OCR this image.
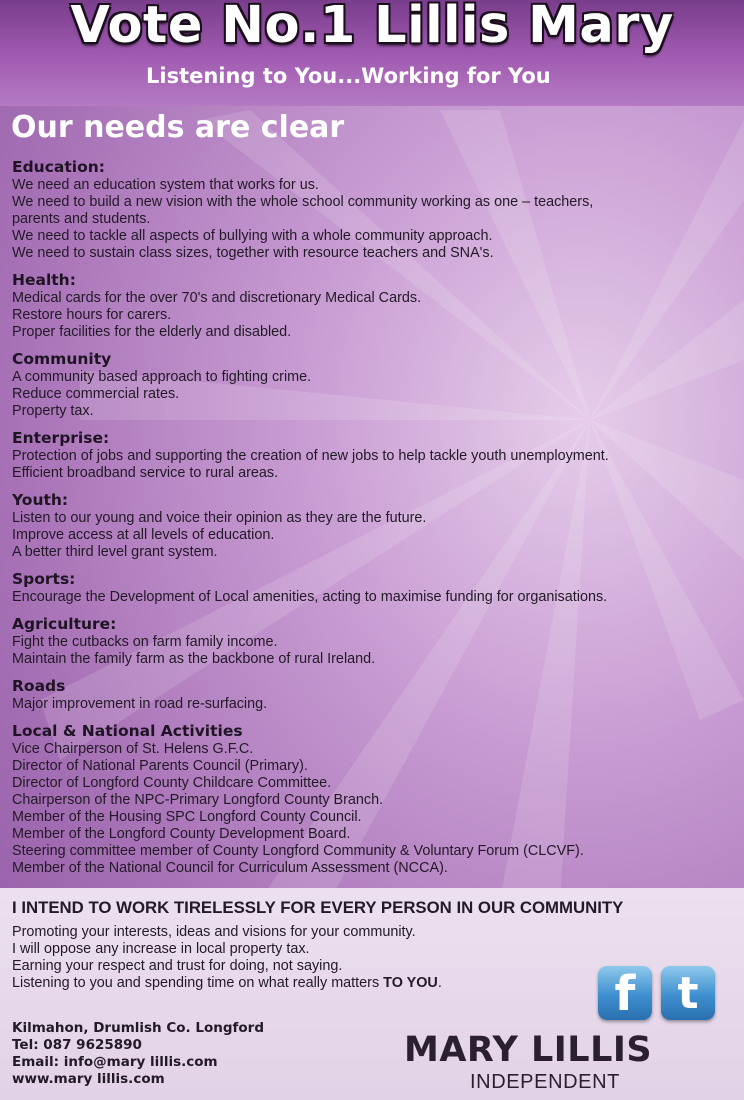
Vote No.1 Lillis Mary
Listening to You...Working for You
Our needs are clear
Education:
We need an education system that works for us.
We need to build a new vision with the whole school community working as one – teachers,
parents and students.
We need to tackle all aspects of bullying with a whole community approach.
We need to sustain class sizes, together with resource teachers and SNA's.
Health:
Medical cards for the over 70's and discretionary Medical Cards.
Restore hours for carers.
Proper facilities for the elderly and disabled.
Community
A community based approach to fighting crime.
Reduce commercial rates.
Property tax.
Enterprise:
Protection of jobs and supporting the creation of new jobs to help tackle youth unemployment.
Efficient broadband service to rural areas.
Youth:
Listen to our young and voice their opinion as they are the future.
Improve access at all levels of education.
A better third level grant system.
Sports:
Encourage the Development of Local amenities, acting to maximise funding for organisations.
Agriculture:
Fight the cutbacks on farm family income.
Maintain the family farm as the backbone of rural Ireland.
Roads
Major improvement in road re-surfacing.
Local & National Activities
Vice Chairperson of St. Helens G.F.C.
Director of National Parents Council (Primary).
Director of Longford County Childcare Committee.
Chairperson of the NPC-Primary Longford County Branch.
Member of the Housing SPC Longford County Council.
Member of the Longford County Development Board.
Steering committee member of County Longford Community & Voluntary Forum (CLCVF).
Member of the National Council for Curriculum Assessment (NCCA).
I INTEND TO WORK TIRELESSLY FOR EVERY PERSON IN OUR COMMUNITY
Promoting your interests, ideas and visions for your community.
I will oppose any increase in local property tax.
Earning your respect and trust for doing, not saying.
Listening to you and spending time on what really matters TO YOU.
Kilmahon, Drumlish Co. Longford
Tel: 087 9625890
Email: info@mary lillis.com
www.mary lillis.com
f t
MARY LILLIS
INDEPENDENT
